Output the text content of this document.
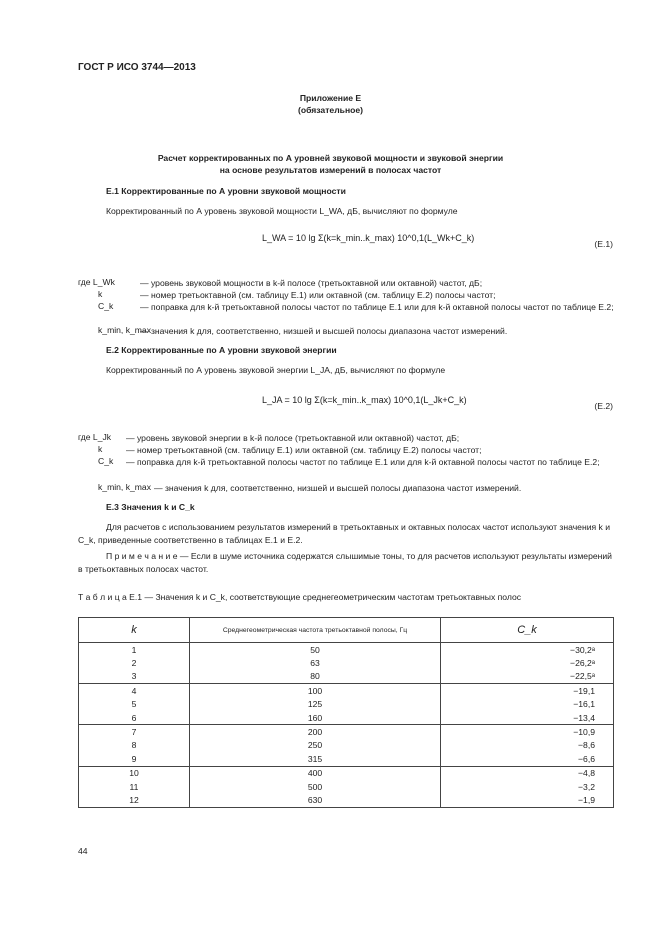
ГОСТ Р ИСО 3744—2013
Приложение Е
(обязательное)
Расчет корректированных по А уровней звуковой мощности и звуковой энергии
на основе результатов измерений в полосах частот
Е.1 Корректированные по А уровни звуковой мощности
Корректированный по А уровень звуковой мощности L_WA, дБ, вычисляют по формуле
L_WA = 10 lg Σ(k=k_min..k_max) 10^0,1(L_Wk+C_k)
(Е.1)
где L_Wk	— уровень звуковой мощности в k-й полосе (третьоктавной или октавной) частот, дБ;
k	— номер третьоктавной (см. таблицу Е.1) или октавной (см. таблицу Е.2) полосы частот;
C_k	— поправка для k-й третьоктавной полосы частот по таблице Е.1 или для k-й октавной полосы частот по таблице Е.2;
k_min, k_max
— значения k для, соответственно, низшей и высшей полосы диапазона частот измерений.
Е.2 Корректированные по А уровни звуковой энергии
Корректированный по А уровень звуковой энергии L_JA, дБ, вычисляют по формуле
L_JA = 10 lg Σ(k=k_min..k_max) 10^0,1(L_Jk+C_k)
(Е.2)
где L_Jk — уровень звуковой энергии в k-й полосе (третьоктавной или октавной) частот, дБ;
k	— номер третьоктавной (см. таблицу Е.1) или октавной (см. таблицу Е.2) полосы частот;
C_k — поправка для k-й третьоктавной полосы частот по таблице Е.1 или для k-й октавной полосы частот по таблице Е.2;
k_min, k_max — значения k для, соответственно, низшей и высшей полосы диапазона частот измерений.
Е.3 Значения k и C_k
Для расчетов с использованием результатов измерений в третьоктавных и октавных полосах частот используют значения k и C_k, приведенные соответственно в таблицах Е.1 и Е.2.
П р и м е ч а н и е — Если в шуме источника содержатся слышимые тоны, то для расчетов используют результаты измерений в третьоктавных полосах частот.
Т а б л и ц а Е.1 — Значения k и C_k, соответствующие среднегеометрическим частотам третьоктавных полос
k	Среднегеометрическая частота третьоктавной полосы, Гц	C_k
1	50	−30,2ᵃ
2	63	−26,2ᵃ
3	80	−22,5ᵃ
4	100	−19,1
5	125	−16,1
6	160	−13,4
7	200	−10,9
8	250	−8,6
9	315	−6,6
10	400	−4,8
11	500	−3,2
12	630	−1,9
44
